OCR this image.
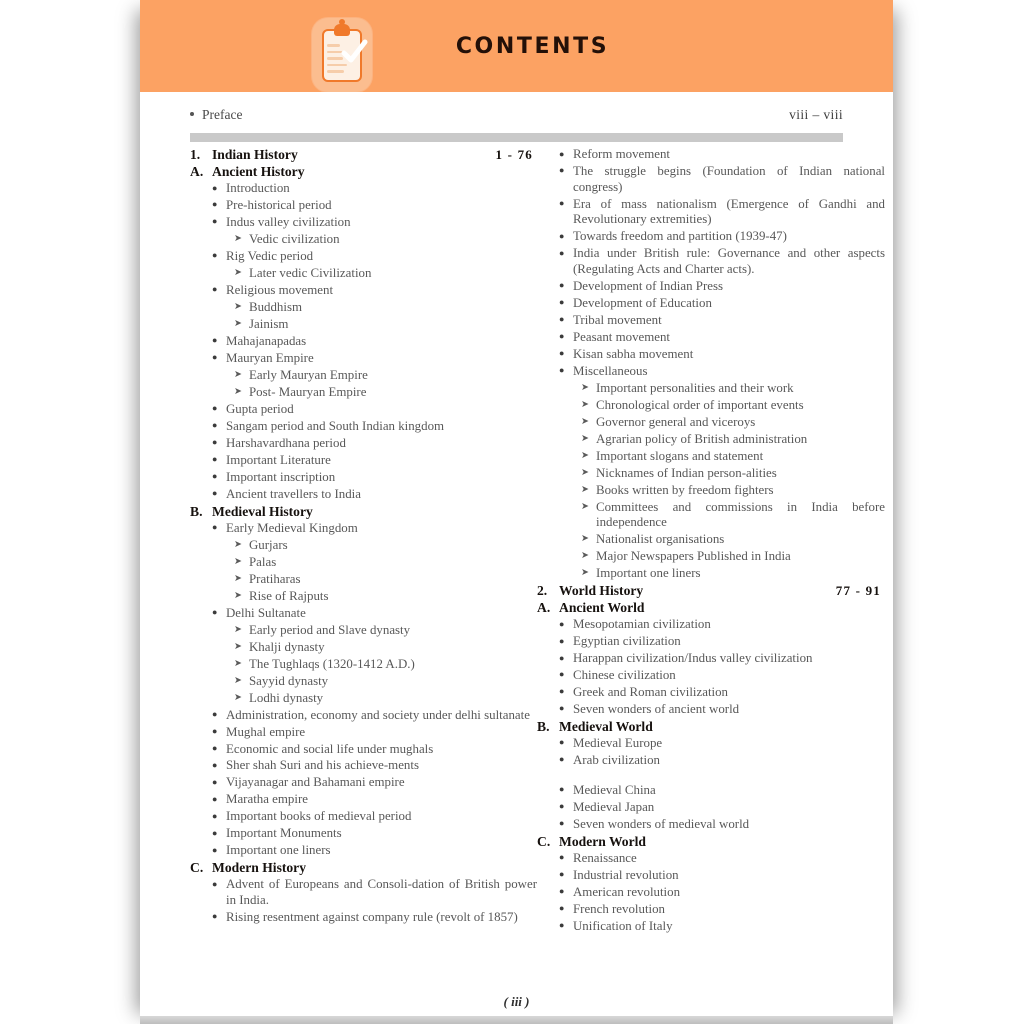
CONTENTS
Preface	viii – viii
1. Indian History	1 - 76
A. Ancient History
● Introduction
● Pre-historical period
● Indus valley civilization
➤ Vedic civilization
● Rig Vedic period
➤ Later vedic Civilization
● Religious movement
➤ Buddhism
➤ Jainism
● Mahajanapadas
● Mauryan Empire
➤ Early Mauryan Empire
➤ Post- Mauryan Empire
● Gupta period
● Sangam period and South Indian kingdom
● Harshavardhana period
● Important Literature
● Important inscription
● Ancient travellers to India
B. Medieval History
● Early Medieval Kingdom
➤ Gurjars
➤ Palas
➤ Pratiharas
➤ Rise of Rajputs
● Delhi Sultanate
➤ Early period and Slave dynasty
➤ Khalji dynasty
➤ The Tughlaqs (1320-1412 A.D.)
➤ Sayyid dynasty
➤ Lodhi dynasty
● Administration, economy and society under delhi sultanate
● Mughal empire
● Economic and social life under mughals
● Sher shah Suri and his achieve-ments
● Vijayanagar and Bahamani empire
● Maratha empire
● Important books of medieval period
● Important Monuments
● Important one liners
C. Modern History
● Advent of Europeans and Consoli-dation of British power in India.
● Rising resentment against company rule (revolt of 1857)
● Reform movement
● The struggle begins (Foundation of Indian national congress)
● Era of mass nationalism (Emergence of Gandhi and Revolutionary extremities)
● Towards freedom and partition (1939-47)
● India under British rule: Governance and other aspects (Regulating Acts and Charter acts).
● Development of Indian Press
● Development of Education
● Tribal movement
● Peasant movement
● Kisan sabha movement
● Miscellaneous
➤ Important personalities and their work
➤ Chronological order of important events
➤ Governor general and viceroys
➤ Agrarian policy of British administration
➤ Important slogans and statement
➤ Nicknames of Indian person-alities
➤ Books written by freedom fighters
➤ Committees and commissions in India before independence
➤ Nationalist organisations
➤ Major Newspapers Published in India
➤ Important one liners
2. World History	77 - 91
A. Ancient World
● Mesopotamian civilization
● Egyptian civilization
● Harappan civilization/Indus valley civilization
● Chinese civilization
● Greek and Roman civilization
● Seven wonders of ancient world
B. Medieval World
● Medieval Europe
● Arab civilization
● Medieval China
● Medieval Japan
● Seven wonders of medieval world
C. Modern World
● Renaissance
● Industrial revolution
● American revolution
● French revolution
● Unification of Italy
( iii )
